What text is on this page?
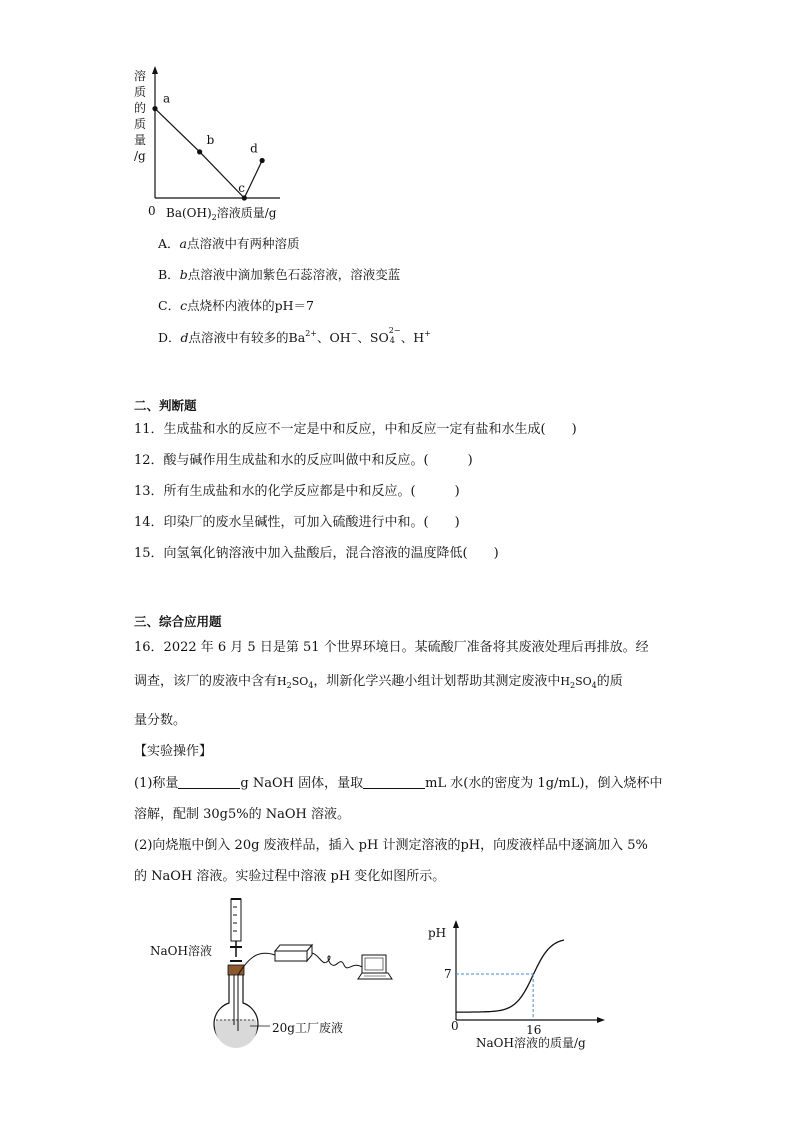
a
b
c
d
溶
质
的
质
量
/g
0 $Ba(OH)_2$溶液质量/g
A．a点溶液中有两种溶质
B．b点溶液中滴加紫色石蕊溶液，溶液变蓝
C．c点烧杯内液体的pH＝7
D．d点溶液中有较多的$Ba^{2+}$、OH−、SO 2−
4 、H+
二、判断题
11．生成盐和水的反应不一定是中和反应，中和反应一定有盐和水生成(　　)
12．酸与碱作用生成盐和水的反应叫做中和反应。(　　　)
13．所有生成盐和水的化学反应都是中和反应。(　　　)
14．印染厂的废水呈碱性，可加入硫酸进行中和。(　　)
15．向氢氧化钠溶液中加入盐酸后，混合溶液的温度降低(　　)
三、综合应用题
16．2022 年 6 月 5 日是第 51 个世界环境日。某硫酸厂准备将其废液处理后再排放。经
调查，该厂的废液中含有$H_2SO_4$，圳新化学兴趣小组计划帮助其测定废液中$H_2SO_4$的质
量分数。
【实验操作】
(1)称量	g NaOH 固体，量取	mL 水(水的密度为 1g/mL)，倒入烧杯中
溶解，配制 30g5%的 NaOH 溶液。
(2)向烧瓶中倒入 20g 废液样品，插入 pH 计测定溶液的pH，向废液样品中逐滴加入 5%
的 NaOH 溶液。实验过程中溶液 pH 变化如图所示。
NaOH溶液
20g工厂废液
7
16
pH
0
NaOH溶液的质量/g
